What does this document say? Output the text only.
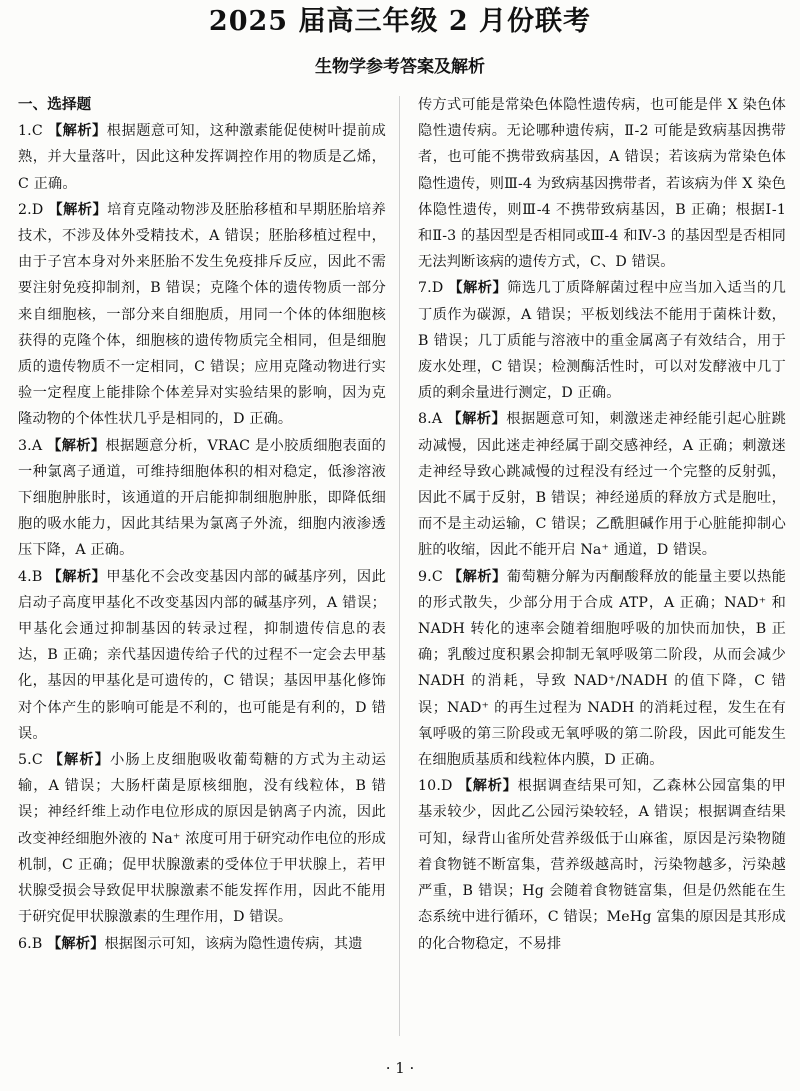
2025 届高三年级 2 月份联考
生物学参考答案及解析
一、选择题

1.C 【解析】根据题意可知，这种激素能促使树叶提前成熟，并大量落叶，因此这种发挥调控作用的物质是乙烯，C 正确。

2.D 【解析】培育克隆动物涉及胚胎移植和早期胚胎培养技术，不涉及体外受精技术，A 错误；胚胎移植过程中，由于子宫本身对外来胚胎不发生免疫排斥反应，因此不需要注射免疫抑制剂，B 错误；克隆个体的遗传物质一部分来自细胞核，一部分来自细胞质，用同一个体的体细胞核获得的克隆个体，细胞核的遗传物质完全相同，但是细胞质的遗传物质不一定相同，C 错误；应用克隆动物进行实验一定程度上能排除个体差异对实验结果的影响，因为克隆动物的个体性状几乎是相同的，D 正确。

3.A 【解析】根据题意分析，VRAC 是小胶质细胞表面的一种氯离子通道，可维持细胞体积的相对稳定，低渗溶液下细胞肿胀时，该通道的开启能抑制细胞肿胀，即降低细胞的吸水能力，因此其结果为氯离子外流，细胞内液渗透压下降，A 正确。

4.B 【解析】甲基化不会改变基因内部的碱基序列，因此启动子高度甲基化不改变基因内部的碱基序列，A 错误；甲基化会通过抑制基因的转录过程，抑制遗传信息的表达，B 正确；亲代基因遗传给子代的过程不一定会去甲基化，基因的甲基化是可遗传的，C 错误；基因甲基化修饰对个体产生的影响可能是不利的，也可能是有利的，D 错误。

5.C 【解析】小肠上皮细胞吸收葡萄糖的方式为主动运输，A 错误；大肠杆菌是原核细胞，没有线粒体，B 错误；神经纤维上动作电位形成的原因是钠离子内流，因此改变神经细胞外液的 Na⁺ 浓度可用于研究动作电位的形成机制，C 正确；促甲状腺激素的受体位于甲状腺上，若甲状腺受损会导致促甲状腺激素不能发挥作用，因此不能用于研究促甲状腺激素的生理作用，D 错误。

6.B 【解析】根据图示可知，该病为隐性遗传病，其遗

传方式可能是常染色体隐性遗传病，也可能是伴 X 染色体隐性遗传病。无论哪种遗传病，Ⅱ-2 可能是致病基因携带者，也可能不携带致病基因，A 错误；若该病为常染色体隐性遗传，则Ⅲ-4 为致病基因携带者，若该病为伴 X 染色体隐性遗传，则Ⅲ-4 不携带致病基因，B 正确；根据Ⅰ-1 和Ⅱ-3 的基因型是否相同或Ⅲ-4 和Ⅳ-3 的基因型是否相同无法判断该病的遗传方式，C、D 错误。

7.D 【解析】筛选几丁质降解菌过程中应当加入适当的几丁质作为碳源，A 错误；平板划线法不能用于菌株计数，B 错误；几丁质能与溶液中的重金属离子有效结合，用于废水处理，C 错误；检测酶活性时，可以对发酵液中几丁质的剩余量进行测定，D 正确。

8.A 【解析】根据题意可知，刺激迷走神经能引起心脏跳动减慢，因此迷走神经属于副交感神经，A 正确；刺激迷走神经导致心跳减慢的过程没有经过一个完整的反射弧，因此不属于反射，B 错误；神经递质的释放方式是胞吐，而不是主动运输，C 错误；乙酰胆碱作用于心脏能抑制心脏的收缩，因此不能开启 Na⁺ 通道，D 错误。

9.C 【解析】葡萄糖分解为丙酮酸释放的能量主要以热能的形式散失，少部分用于合成 ATP，A 正确；NAD⁺ 和 NADH 转化的速率会随着细胞呼吸的加快而加快，B 正确；乳酸过度积累会抑制无氧呼吸第二阶段，从而会减少 NADH 的消耗，导致 NAD⁺/NADH 的值下降，C 错误；NAD⁺ 的再生过程为 NADH 的消耗过程，发生在有氧呼吸的第三阶段或无氧呼吸的第二阶段，因此可能发生在细胞质基质和线粒体内膜，D 正确。

10.D 【解析】根据调查结果可知，乙森林公园富集的甲基汞较少，因此乙公园污染较轻，A 错误；根据调查结果可知，绿背山雀所处营养级低于山麻雀，原因是污染物随着食物链不断富集，营养级越高时，污染物越多，污染越严重，B 错误；Hg 会随着食物链富集，但是仍然能在生态系统中进行循环，C 错误；MeHg 富集的原因是其形成的化合物稳定，不易排

· 1 ·
